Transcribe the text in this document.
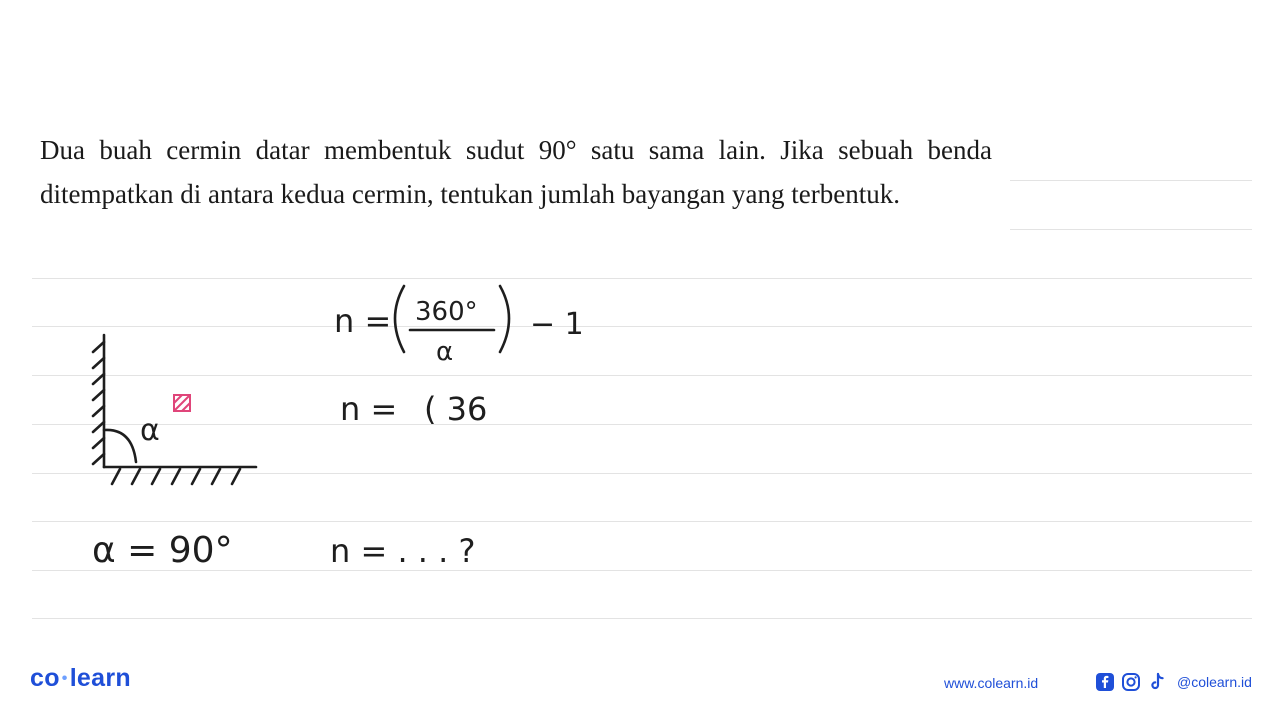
Dua buah cermin datar membentuk sudut 90° satu sama lain. Jika sebuah benda ditempatkan di antara kedua cermin, tentukan jumlah bayangan yang terbentuk.
α
n = 360°
α
− 1
n = ( 36
α = 90°	n = . . . ?
co •learn	www.colearn.id	@colearn.id
